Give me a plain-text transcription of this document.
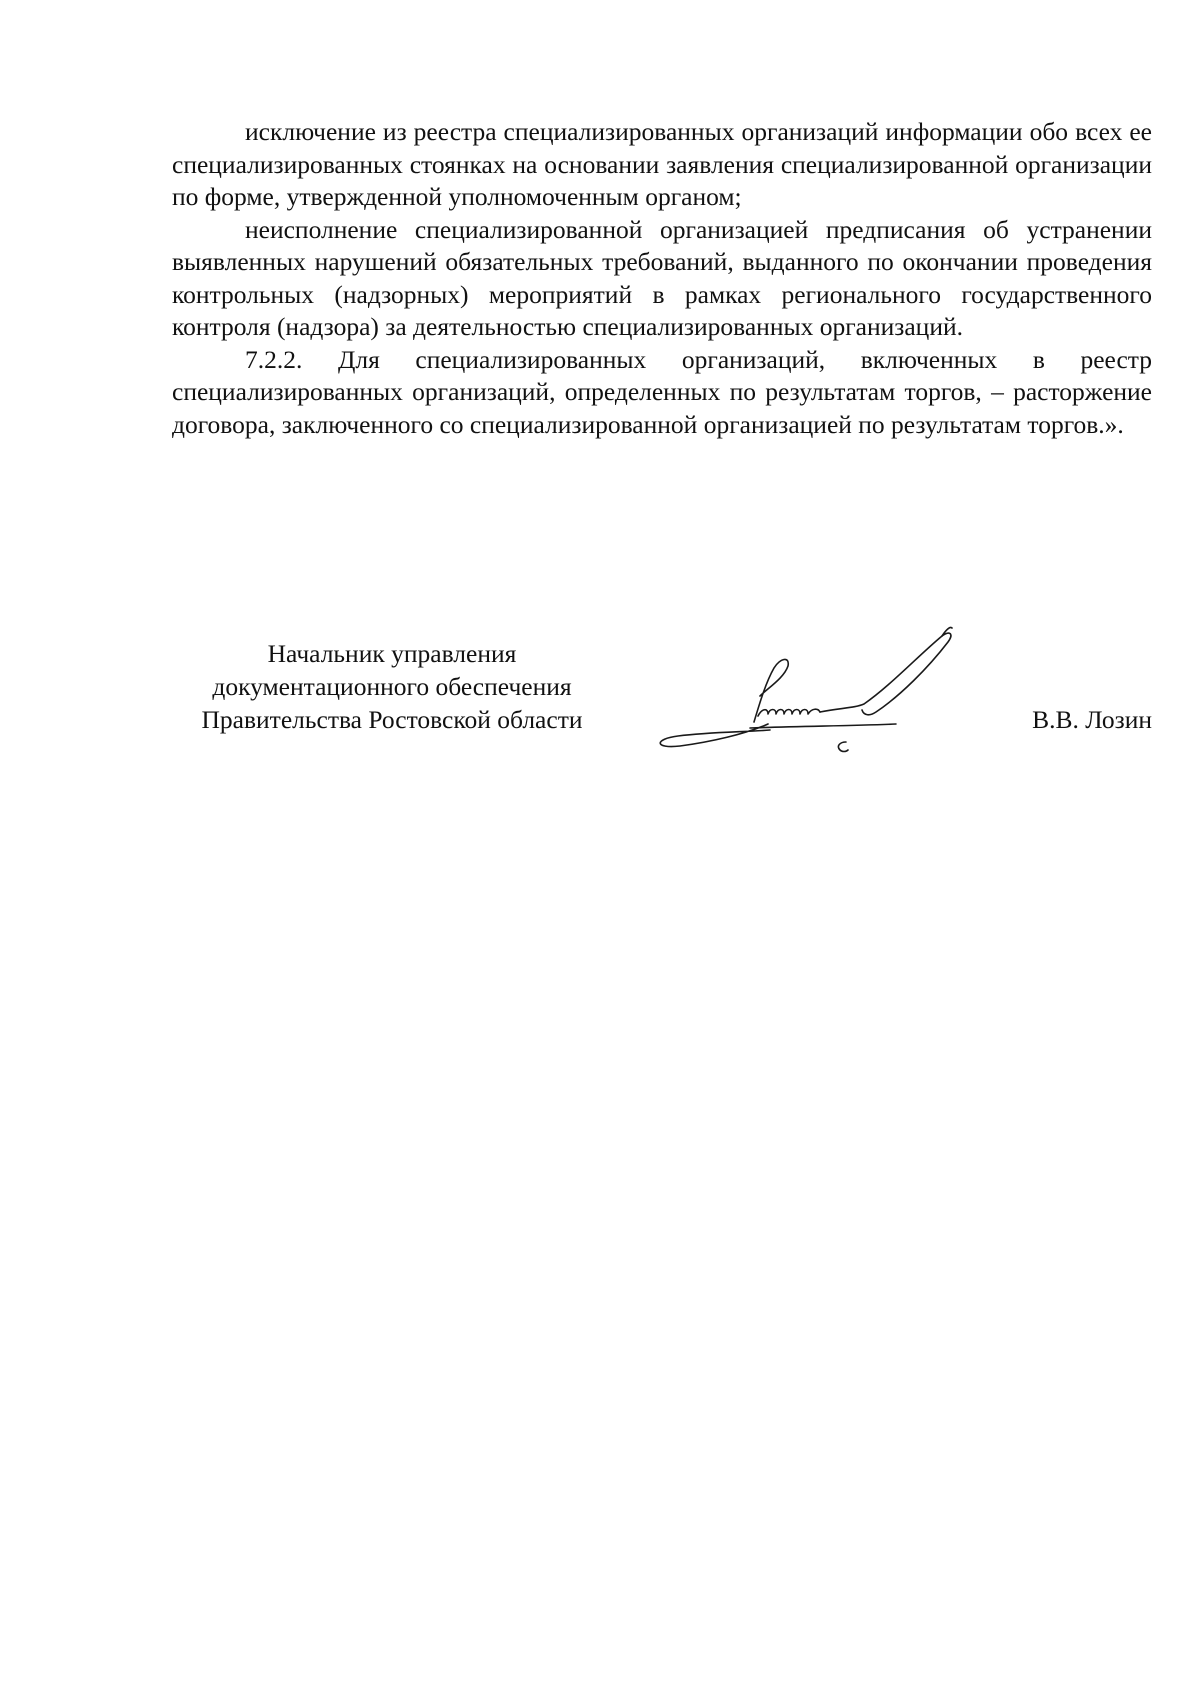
исключение из реестра специализированных организаций информации обо всех ее специализированных стоянках на основании заявления специализированной организации по форме, утвержденной уполномоченным органом;

неисполнение специализированной организацией предписания об устранении выявленных нарушений обязательных требований, выданного по окончании проведения контрольных (надзорных) мероприятий в рамках регионального государственного контроля (надзора) за деятельностью специализированных организаций.

7.2.2. Для специализированных организаций, включенных в реестр специализированных организаций, определенных по результатам торгов, – расторжение договора, заключенного со специализированной организацией по результатам торгов.».

Начальник управления
документационного обеспечения
Правительства Ростовской области	В.В. Лозин
